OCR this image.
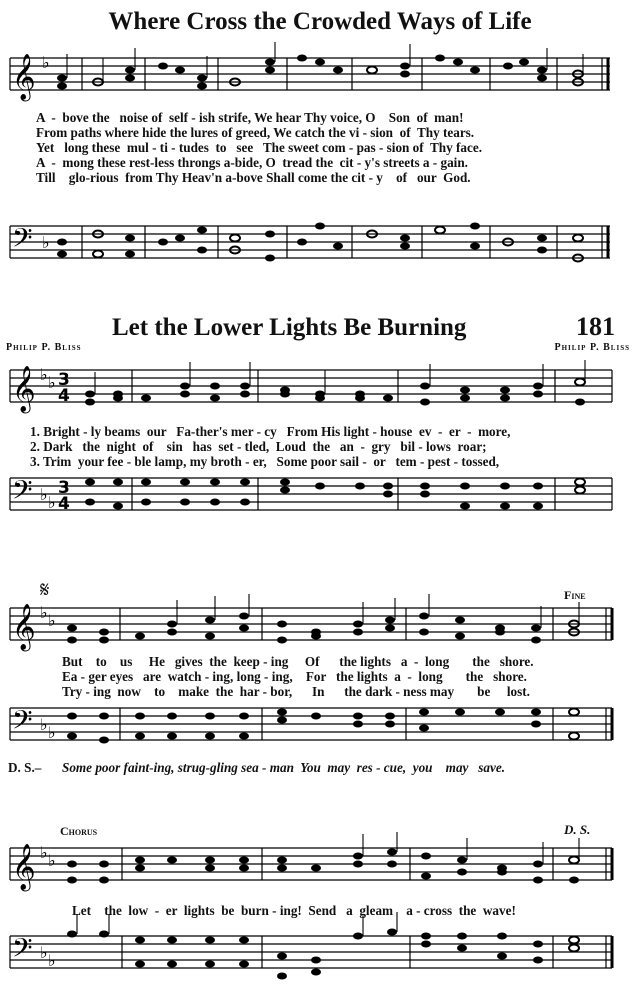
Where Cross the Crowded Ways of Life
𝄞 ♭
A  -  bove the   noise of  self - ish strife, We hear Thy voice, O    Son  of  man!
From paths where hide the lures of greed, We catch the vi - sion  of  Thy tears.
Yet   long these  mul - ti - tudes  to   see   The sweet com - pas - sion of  Thy face.
A  -  mong these rest-less throngs a-bide, O  tread the  cit - y's streets a - gain.
Till    glo-rious  from Thy Heav'n a-bove Shall come the cit - y    of   our  God.
𝄢 ♭
Let the Lower Lights Be Burning	181
Philip P. Bliss	Philip P. Bliss
𝄞 ♭ ♭ 3
4
1. Bright - ly beams  our   Fa-ther's mer - cy   From His light - house  ev  -  er  -  more,
2. Dark   the  night  of    sin   has  set - tled,  Loud  the   an  -  gry   bil - lows  roar;
3. Trim  your fee - ble lamp, my broth - er,   Some poor sail -  or   tem - pest - tossed,
𝄢 ♭ ♭
3
4
𝄋	Fine
𝄞 ♭ ♭
But    to    us     He   gives  the  keep - ing     Of      the lights   a  -  long       the   shore.
Ea - ger eyes   are  watch - ing, long - ing,    For   the lights  a  -  long       the   shore.
Try - ing  now    to    make  the  har - bor,      In      the dark - ness may       be     lost.
𝄢 ♭ ♭
D. S.– Some poor faint-ing, strug-gling sea - man  You  may  res - cue,  you    may   save.
Chorus	D. S.
𝄞 ♭ ♭
Let    the  low  -  er  lights  be  burn - ing!  Send   a  gleam    a - cross  the  wave!
𝄢 ♭ ♭
